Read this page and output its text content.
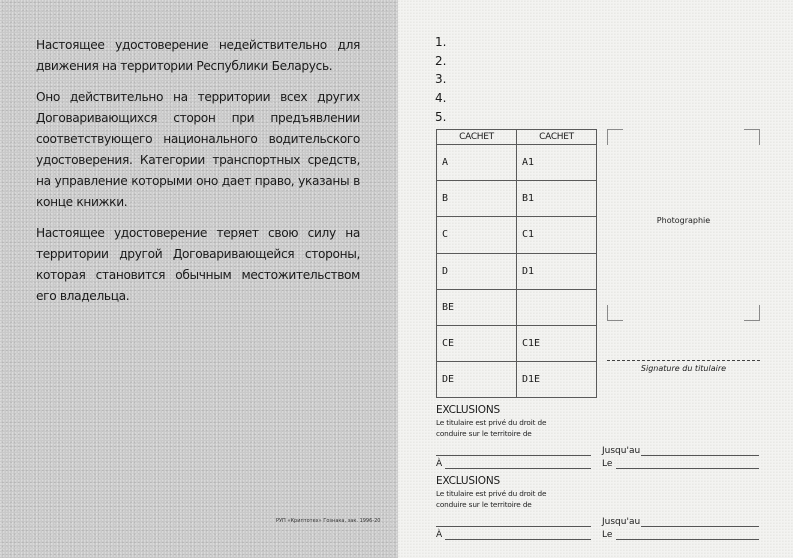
Настоящее удостоверение недействительно для движения на территории Республики Беларусь.

Оно действительно на территории всех других Договаривающихся сторон при предъявлении соответствующего национального водительского удостоверения. Категории транспортных средств, на управление которыми оно дает право, указаны в конце книжки.

Настоящее удостоверение теряет свою силу на территории другой Договаривающейся стороны, которая становится обычным местожительством его владельца.

РУП «Криптотех» Гознака, зак. 1996-20
1.
2.
3.
4.
5.
CACHET	CACHET
A	A1
B	B1
C	C1
D	D1
BE	
CE	C1E
DE	D1E
Photographie
Signature du titulaire
EXCLUSIONS
Le titulaire est privé du droit de conduire sur le territoire de
Jusqu'au
À	Le
EXCLUSIONS
Le titulaire est privé du droit de conduire sur le territoire de
Jusqu'au
À	Le
